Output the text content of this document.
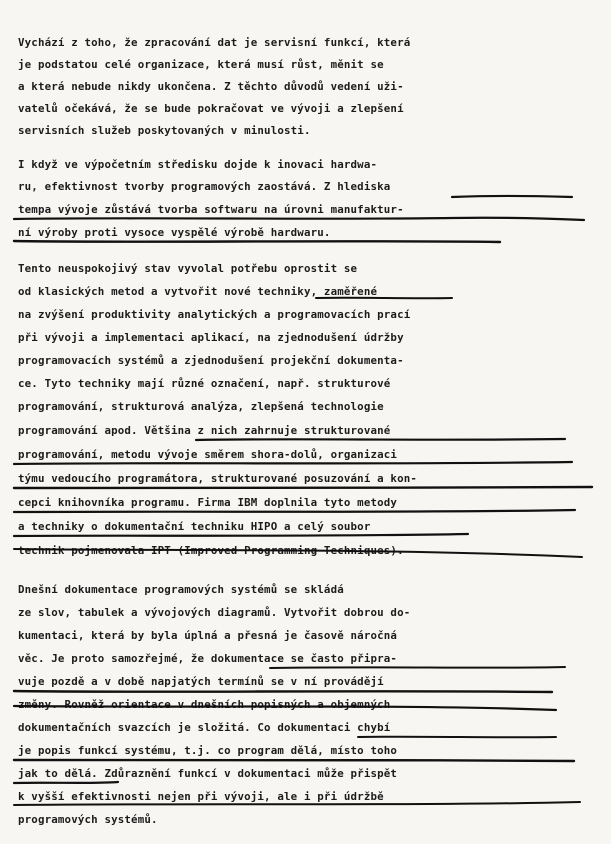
Vychází z toho, že zpracování dat je servisní funkcí, která
je podstatou celé organizace, která musí růst, měnit se
a která nebude nikdy ukončena. Z těchto důvodů vedení uži-
vatelů očekává, že se bude pokračovat ve vývoji a zlepšení
servisních služeb poskytovaných v minulosti.
I když ve výpočetním středisku dojde k inovaci hardwa-
ru, efektivnost tvorby programových zaostává. Z hlediska
tempa vývoje zůstává tvorba softwaru na úrovni manufaktur-
ní výroby proti vysoce vyspělé výrobě hardwaru.
Tento neuspokojivý stav vyvolal potřebu oprostit se
od klasických metod a vytvořit nové techniky, zaměřené
na zvýšení produktivity analytických a programovacích prací
při vývoji a implementaci aplikací, na zjednodušení údržby
programovacích systémů a zjednodušení projekční dokumenta-
ce. Tyto techniky mají různé označení, např. strukturové
programování, strukturová analýza, zlepšená technologie
programování apod. Většina z nich zahrnuje strukturované
programování, metodu vývoje směrem shora-dolů, organizaci
týmu vedoucího programátora, strukturované posuzování a kon-
cepci knihovníka programu. Firma IBM doplnila tyto metody
a techniky o dokumentační techniku HIPO a celý soubor
technik pojmenovala IPT (Improved Programming Techniques).
Dnešní dokumentace programových systémů se skládá
ze slov, tabulek a vývojových diagramů. Vytvořit dobrou do-
kumentaci, která by byla úplná a přesná je časově náročná
věc. Je proto samozřejmé, že dokumentace se často připra-
vuje pozdě a v době napjatých termínů se v ní provádějí
změny. Rovněž orientace v dnešních popisných a objemných
dokumentačních svazcích je složitá. Co dokumentaci chybí
je popis funkcí systému, t.j. co program dělá, místo toho
jak to dělá. Zdůraznění funkcí v dokumentaci může přispět
k vyšší efektivnosti nejen při vývoji, ale i při údržbě
programových systémů.
